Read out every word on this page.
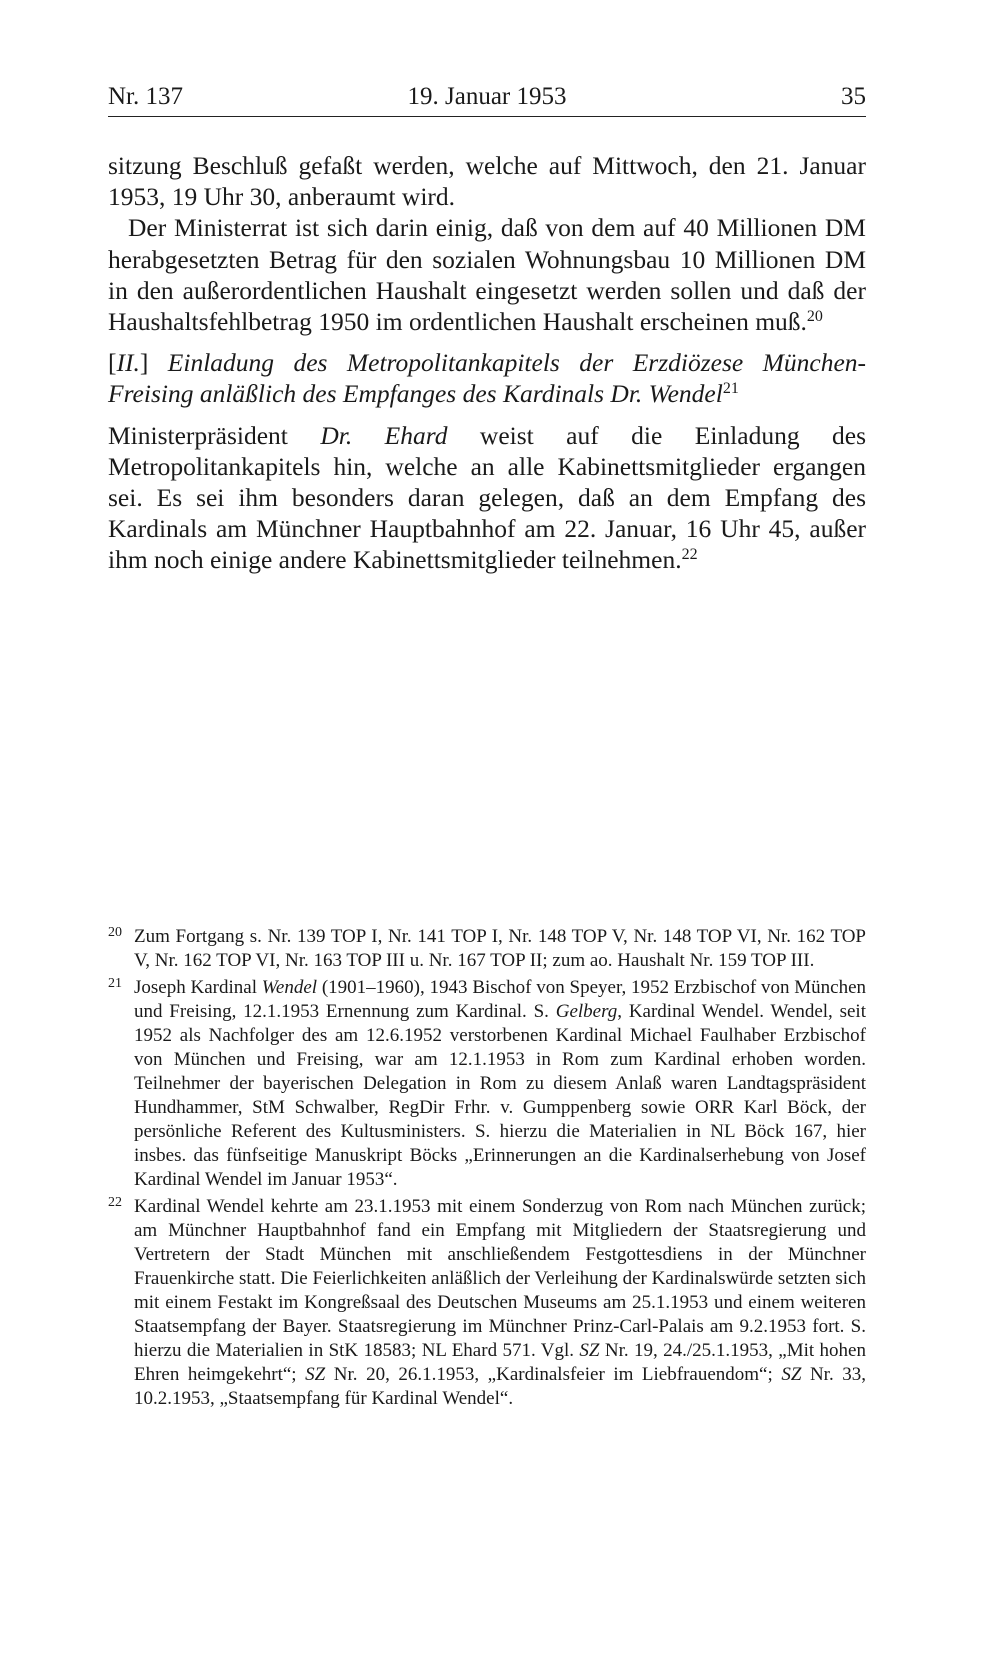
Nr. 137	19. Januar 1953	35

sitzung Beschluß gefaßt werden, welche auf Mittwoch, den 21. Januar 1953, 19 Uhr 30, anberaumt wird.

Der Ministerrat ist sich darin einig, daß von dem auf 40 Millionen DM herabgesetzten Betrag für den sozialen Wohnungsbau 10 Millionen DM in den außerordentlichen Haushalt eingesetzt werden sollen und daß der Haushaltsfehlbetrag 1950 im ordentlichen Haushalt erscheinen muß.$^{20}$

[II.] Einladung des Metropolitankapitels der Erzdiözese München-Freising anläßlich des Empfanges des Kardinals Dr. Wendel$^{21}$

Ministerpräsident Dr. Ehard weist auf die Einladung des Metropolitankapitels hin, welche an alle Kabinettsmitglieder ergangen sei. Es sei ihm besonders daran gelegen, daß an dem Empfang des Kardinals am Münchner Hauptbahnhof am 22. Januar, 16 Uhr 45, außer ihm noch einige andere Kabinettsmitglieder teilnehmen.$^{22}$

20 Zum Fortgang s. Nr. 139 TOP I, Nr. 141 TOP I, Nr. 148 TOP V, Nr. 148 TOP VI, Nr. 162 TOP V, Nr. 162 TOP VI, Nr. 163 TOP III u. Nr. 167 TOP II; zum ao. Haushalt Nr. 159 TOP III.

21 Joseph Kardinal Wendel (1901–1960), 1943 Bischof von Speyer, 1952 Erzbischof von München und Freising, 12.1.1953 Ernennung zum Kardinal. S. Gelberg, Kardinal Wendel. Wendel, seit 1952 als Nachfolger des am 12.6.1952 verstorbenen Kardinal Michael Faulhaber Erzbischof von München und Freising, war am 12.1.1953 in Rom zum Kardinal erhoben worden. Teilnehmer der bayerischen Delegation in Rom zu diesem Anlaß waren Landtagspräsident Hundhammer, StM Schwalber, RegDir Frhr. v. Gumppenberg sowie ORR Karl Böck, der persönliche Referent des Kultusministers. S. hierzu die Materialien in NL Böck 167, hier insbes. das fünfseitige Manuskript Böcks „Erinnerungen an die Kardinalserhebung von Josef Kardinal Wendel im Januar 1953“.

22 Kardinal Wendel kehrte am 23.1.1953 mit einem Sonderzug von Rom nach München zurück; am Münchner Hauptbahnhof fand ein Empfang mit Mitgliedern der Staatsregierung und Vertretern der Stadt München mit anschließendem Festgottesdiens in der Münchner Frauenkirche statt. Die Feierlichkeiten anläßlich der Verleihung der Kardinalswürde setzten sich mit einem Festakt im Kongreßsaal des Deutschen Museums am 25.1.1953 und einem weiteren Staatsempfang der Bayer. Staatsregierung im Münchner Prinz-Carl-Palais am 9.2.1953 fort. S. hierzu die Materialien in StK 18583; NL Ehard 571. Vgl. SZ Nr. 19, 24./25.1.1953, „Mit hohen Ehren heimgekehrt“; SZ Nr. 20, 26.1.1953, „Kardinalsfeier im Liebfrauendom“; SZ Nr. 33, 10.2.1953, „Staatsempfang für Kardinal Wendel“.
